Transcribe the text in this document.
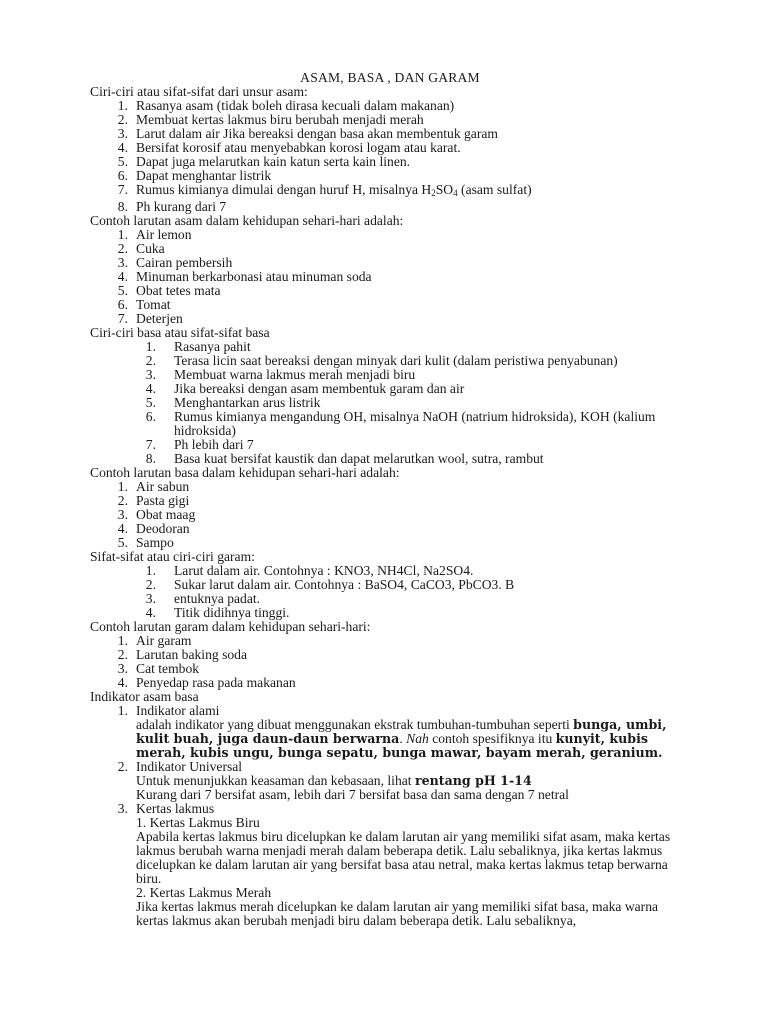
ASAM, BASA , DAN GARAM

Ciri-ciri atau sifat-sifat dari unsur asam:

1. Rasanya asam (tidak boleh dirasa kecuali dalam makanan)
2. Membuat kertas lakmus biru berubah menjadi merah
3. Larut dalam air Jika bereaksi dengan basa akan membentuk garam
4. Bersifat korosif atau menyebabkan korosi logam atau karat.
5. Dapat juga melarutkan kain katun serta kain linen.
6. Dapat menghantar listrik
7. Rumus kimianya dimulai dengan huruf H, misalnya $H_2SO_4$ (asam sulfat)
8. Ph kurang dari 7

Contoh larutan asam dalam kehidupan sehari-hari adalah:

1. Air lemon
2. Cuka
3. Cairan pembersih
4. Minuman berkarbonasi atau minuman soda
5. Obat tetes mata
6. Tomat
7. Deterjen

Ciri-ciri basa atau sifat-sifat basa

1. Rasanya pahit
2. Terasa licin saat bereaksi dengan minyak dari kulit (dalam peristiwa penyabunan)
3. Membuat warna lakmus merah menjadi biru
4. Jika bereaksi dengan asam membentuk garam dan air
5. Menghantarkan arus listrik
6. Rumus kimianya mengandung OH, misalnya NaOH (natrium hidroksida), KOH (kalium hidroksida)
7. Ph lebih dari 7
8. Basa kuat bersifat kaustik dan dapat melarutkan wool, sutra, rambut

Contoh larutan basa dalam kehidupan sehari-hari adalah:

1. Air sabun
2. Pasta gigi
3. Obat maag
4. Deodoran
5. Sampo

Sifat-sifat atau ciri-ciri garam:

1. Larut dalam air. Contohnya : KNO3, NH4Cl, Na2SO4.
2. Sukar larut dalam air. Contohnya : BaSO4, CaCO3, PbCO3. B
3. entuknya padat.
4. Titik didihnya tinggi.

Contoh larutan garam dalam kehidupan sehari-hari:

1. Air garam
2. Larutan baking soda
3. Cat tembok
4. Penyedap rasa pada makanan

Indikator asam basa

1. Indikator alami

adalah indikator yang dibuat menggunakan ekstrak tumbuhan-tumbuhan seperti bunga, umbi, kulit buah, juga daun-daun berwarna. Nah contoh spesifiknya itu kunyit, kubis merah, kubis ungu, bunga sepatu, bunga mawar, bayam merah, geranium.

2. Indikator Universal

Untuk menunjukkan keasaman dan kebasaan, lihat rentang pH 1-14

Kurang dari 7 bersifat asam, lebih dari 7 bersifat basa dan sama dengan 7 netral

3. Kertas lakmus

1. Kertas Lakmus Biru

Apabila kertas lakmus biru dicelupkan ke dalam larutan air yang memiliki sifat asam, maka kertas lakmus berubah warna menjadi merah dalam beberapa detik. Lalu sebaliknya, jika kertas lakmus dicelupkan ke dalam larutan air yang bersifat basa atau netral, maka kertas lakmus tetap berwarna biru.

2. Kertas Lakmus Merah

Jika kertas lakmus merah dicelupkan ke dalam larutan air yang memiliki sifat basa, maka warna kertas lakmus akan berubah menjadi biru dalam beberapa detik. Lalu sebaliknya,
